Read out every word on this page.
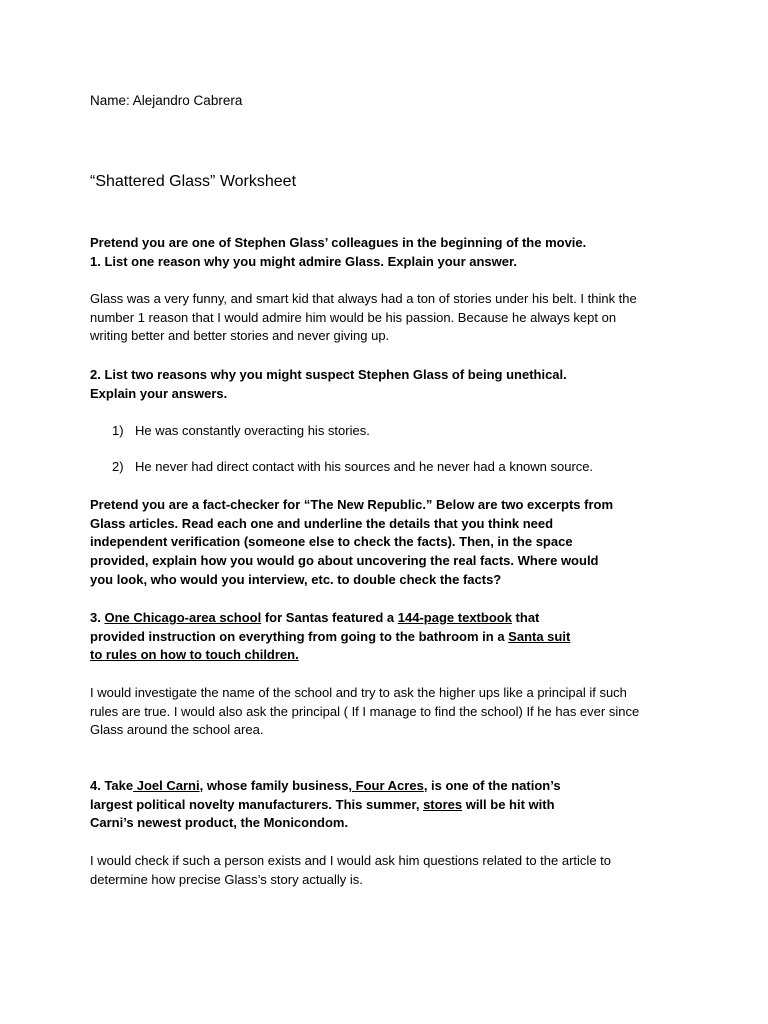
Name: Alejandro Cabrera

“Shattered Glass” Worksheet

Pretend you are one of Stephen Glass’ colleagues in the beginning of the movie.
1. List one reason why you might admire Glass. Explain your answer.
Glass was a very funny, and smart kid that always had a ton of stories under his belt. I think the
number 1 reason that I would admire him would be his passion. Because he always kept on
writing better and better stories and never giving up.
2. List two reasons why you might suspect Stephen Glass of being unethical.
Explain your answers.
1) He was constantly overacting his stories.
2) He never had direct contact with his sources and he never had a known source.
Pretend you are a fact-checker for “The New Republic.” Below are two excerpts from
Glass articles. Read each one and underline the details that you think need
independent verification (someone else to check the facts). Then, in the space
provided, explain how you would go about uncovering the real facts. Where would
you look, who would you interview, etc. to double check the facts?
3. One Chicago-area school for Santas featured a 144-page textbook that
provided instruction on everything from going to the bathroom in a Santa suit
to rules on how to touch children.
I would investigate the name of the school and try to ask the higher ups like a principal if such
rules are true. I would also ask the principal ( If I manage to find the school) If he has ever since
Glass around the school area.
4. Take Joel Carni, whose family business, Four Acres, is one of the nation’s
largest political novelty manufacturers. This summer, stores will be hit with
Carni’s newest product, the Monicondom.
I would check if such a person exists and I would ask him questions related to the article to
determine how precise Glass’s story actually is.
